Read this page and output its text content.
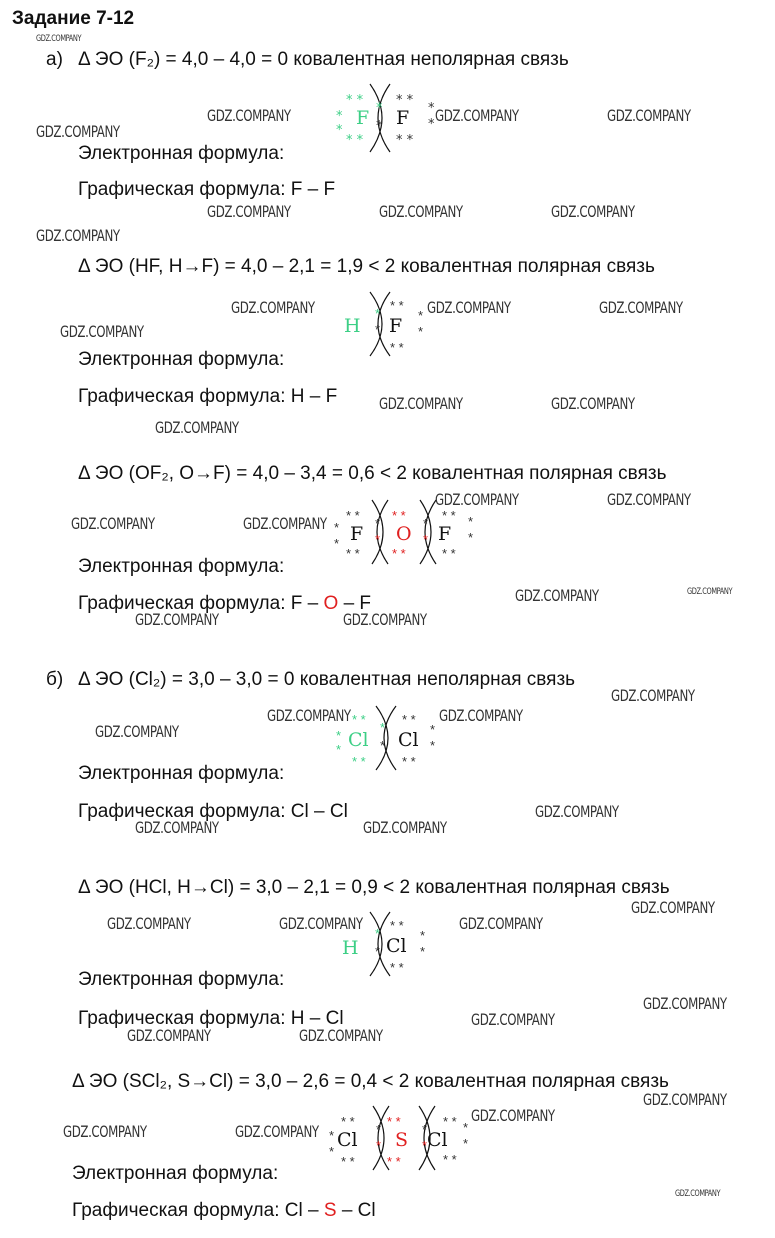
Задание 7-12
а)
б)
Δ ЭО (F₂) = 4,0 – 4,0 = 0 ковалентная неполярная связь
* *
*
*
* *
*
F
* *
*
*
* *
* F
Электронная формула:
Графическая формула: F – F
Δ ЭО (HF, H→F) = 4,0 – 2,1 = 1,9 < 2 ковалентная полярная связь
H
*
*
* *
*
*
* *
F
Электронная формула:
Графическая формула: H – F
Δ ЭО (OF₂, O→F) = 4,0 – 3,4 = 0,6 < 2 ковалентная полярная связь
* *
*
*
* *
* * *
*
* *
*	*
* *
* *
*	*
F O F
Электронная формула:
Графическая формула: F – O – F
Δ ЭО (Cl₂) = 3,0 – 3,0 = 0 ковалентная неполярная связь
* *
*
*
* *
*
* *
*
*
* *
*
Cl Cl
Электронная формула:
Графическая формула: Cl – Cl
Δ ЭО (HCl, H→Cl) = 3,0 – 2,1 = 0,9 < 2 ковалентная полярная связь
H
*
*
* *
*
*
* *
Cl
Электронная формула:
Графическая формула: H – Cl
Δ ЭО (SCl₂, S→Cl) = 3,0 – 2,6 = 0,4 < 2 ковалентная полярная связь
* *
*
*
* *
* * *
*
* *
*	*
* *
* *
*	*
Cl S Cl
Электронная формула:
Графическая формула: Cl – S – Cl
GDZ.COMPANY
GDZ.COMPANY
GDZ.COMPANY	GDZ.COMPANY	GDZ.COMPANY
GDZ.COMPANY	GDZ.COMPANY	GDZ.COMPANY
GDZ.COMPANY
GDZ.COMPANY	GDZ.COMPANY	GDZ.COMPANY
GDZ.COMPANY
GDZ.COMPANY	GDZ.COMPANY
GDZ.COMPANY
GDZ.COMPANY	GDZ.COMPANY
GDZ.COMPANY	GDZ.COMPANY
GDZ.COMPANY	GDZ.COMPANY
GDZ.COMPANY	GDZ.COMPANY
GDZ.COMPANY
GDZ.COMPANY	GDZ.COMPANY
GDZ.COMPANY
GDZ.COMPANY
GDZ.COMPANY	GDZ.COMPANY
GDZ.COMPANY
GDZ.COMPANY	GDZ.COMPANY	GDZ.COMPANY
GDZ.COMPANY
GDZ.COMPANY
GDZ.COMPANY	GDZ.COMPANY
GDZ.COMPANY
GDZ.COMPANY
GDZ.COMPANY	GDZ.COMPANY
GDZ.COMPANY
